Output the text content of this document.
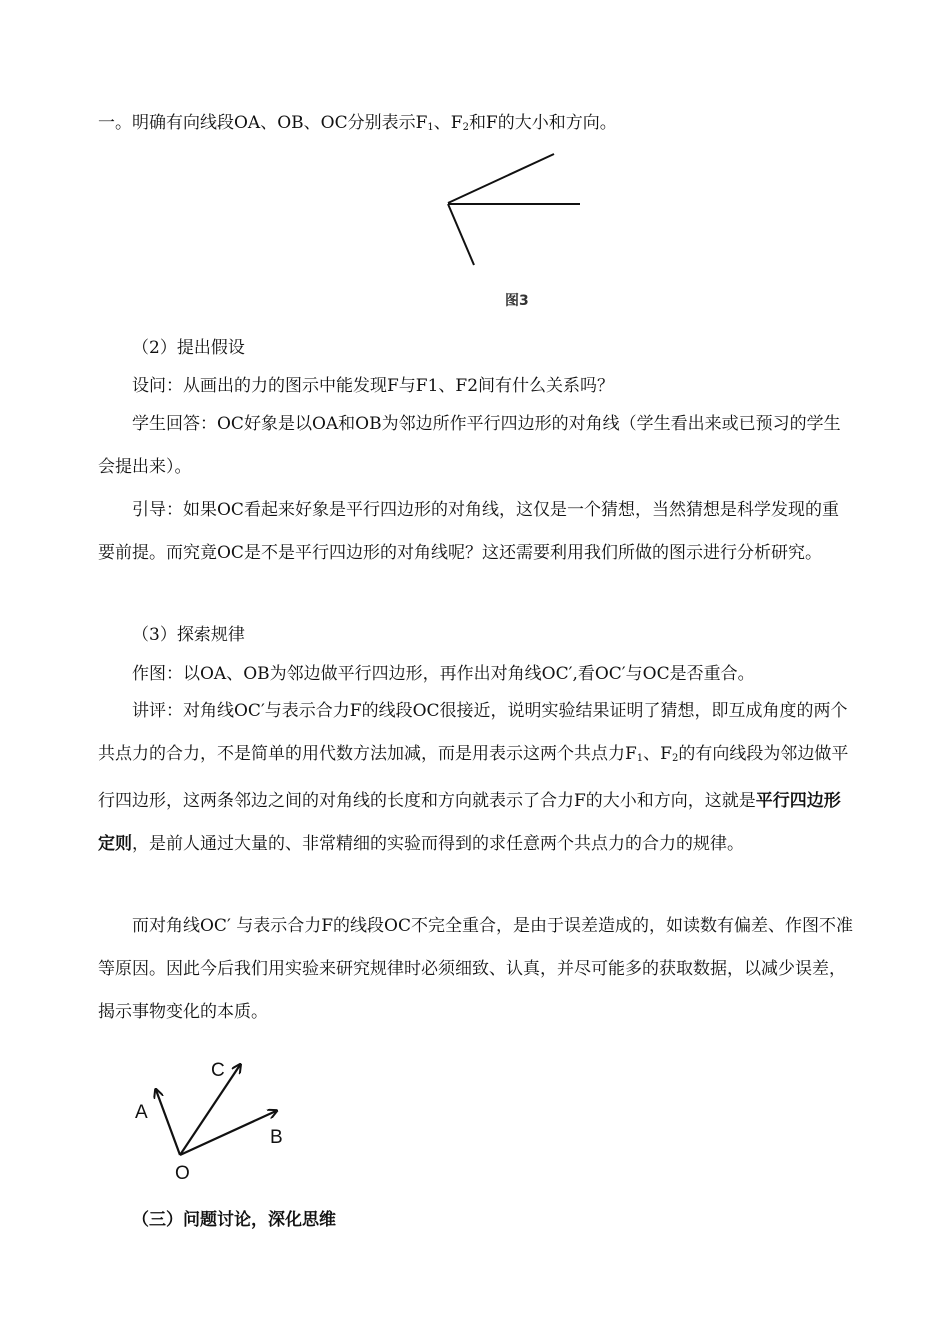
一。明确有向线段OA、OB、OC分别表示$F_1$、$F_2$和F的大小和方向。
图3
（2）提出假设
设问：从画出的力的图示中能发现F与F1、F2间有什么关系吗？
学生回答：OC好象是以OA和OB为邻边所作平行四边形的对角线（学生看出来或已预习的学生会提出来）。
引导：如果OC看起来好象是平行四边形的对角线，这仅是一个猜想，当然猜想是科学发现的重要前提。而究竟OC是不是平行四边形的对角线呢？这还需要利用我们所做的图示进行分析研究。
（3）探索规律
作图：以OA、OB为邻边做平行四边形，再作出对角线OC′,看OC′与OC是否重合。
讲评：对角线OC′与表示合力F的线段OC很接近，说明实验结果证明了猜想，即互成角度的两个共点力的合力，不是简单的用代数方法加减，而是用表示这两个共点力$F_1$、$F_2$的有向线段为邻边做平行四边形，这两条邻边之间的对角线的长度和方向就表示了合力F的大小和方向，这就是平行四边形定则，是前人通过大量的、非常精细的实验而得到的求任意两个共点力的合力的规律。
而对角线OC′ 与表示合力F的线段OC不完全重合，是由于误差造成的，如读数有偏差、作图不准等原因。因此今后我们用实验来研究规律时必须细致、认真，并尽可能多的获取数据，以减少误差，揭示事物变化的本质。
A
C
B
O
（三）问题讨论，深化思维
